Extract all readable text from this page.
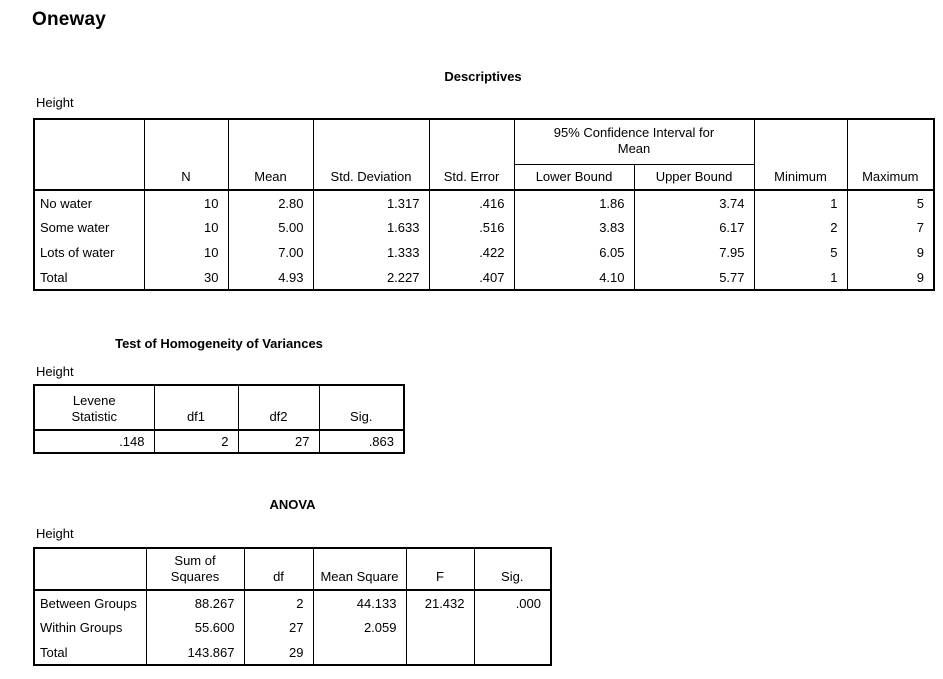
Oneway
Descriptives
Height
	N	Mean	Std. Deviation	Std. Error	95% Confidence Interval for Mean		Minimum	Maximum
					Lower Bound	Upper Bound		
No water	10	2.80	1.317	.416	1.86	3.74	1	5
Some water	10	5.00	1.633	.516	3.83	6.17	2	7
Lots of water	10	7.00	1.333	.422	6.05	7.95	5	9
Total	30	4.93	2.227	.407	4.10	5.77	1	9
Test of Homogeneity of Variances
Height
Levene Statistic	df1	df2	Sig.
.148	2	27	.863
ANOVA
Height
	Sum of Squares	df	Mean Square	F	Sig.
Between Groups	88.267	2	44.133	21.432	.000
Within Groups	55.600	27	2.059		
Total	143.867	29			
